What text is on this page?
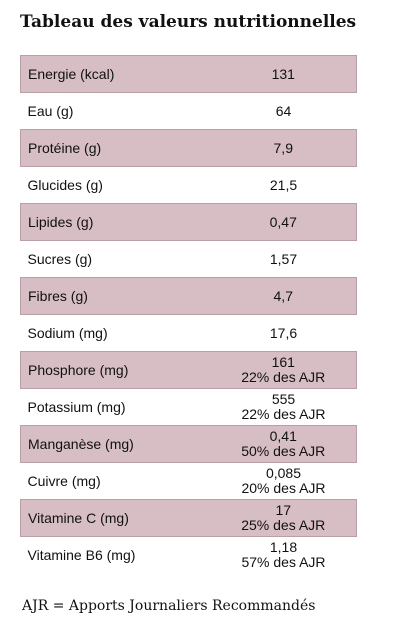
Tableau des valeurs nutritionnelles
Energie (kcal)	131
Eau (g)	64
Protéine (g)	7,9
Glucides (g)	21,5
Lipides (g)	0,47
Sucres (g)	1,57
Fibres (g)	4,7
Sodium (mg)	17,6
Phosphore (mg)	161
22% des AJR

Potassium (mg)	555
22% des AJR

Manganèse (mg)	0,41
50% des AJR

Cuivre (mg)	0,085
20% des AJR

Vitamine C (mg)	17
25% des AJR

Vitamine B6 (mg)	1,18
57% des AJR
AJR = Apports Journaliers Recommandés
